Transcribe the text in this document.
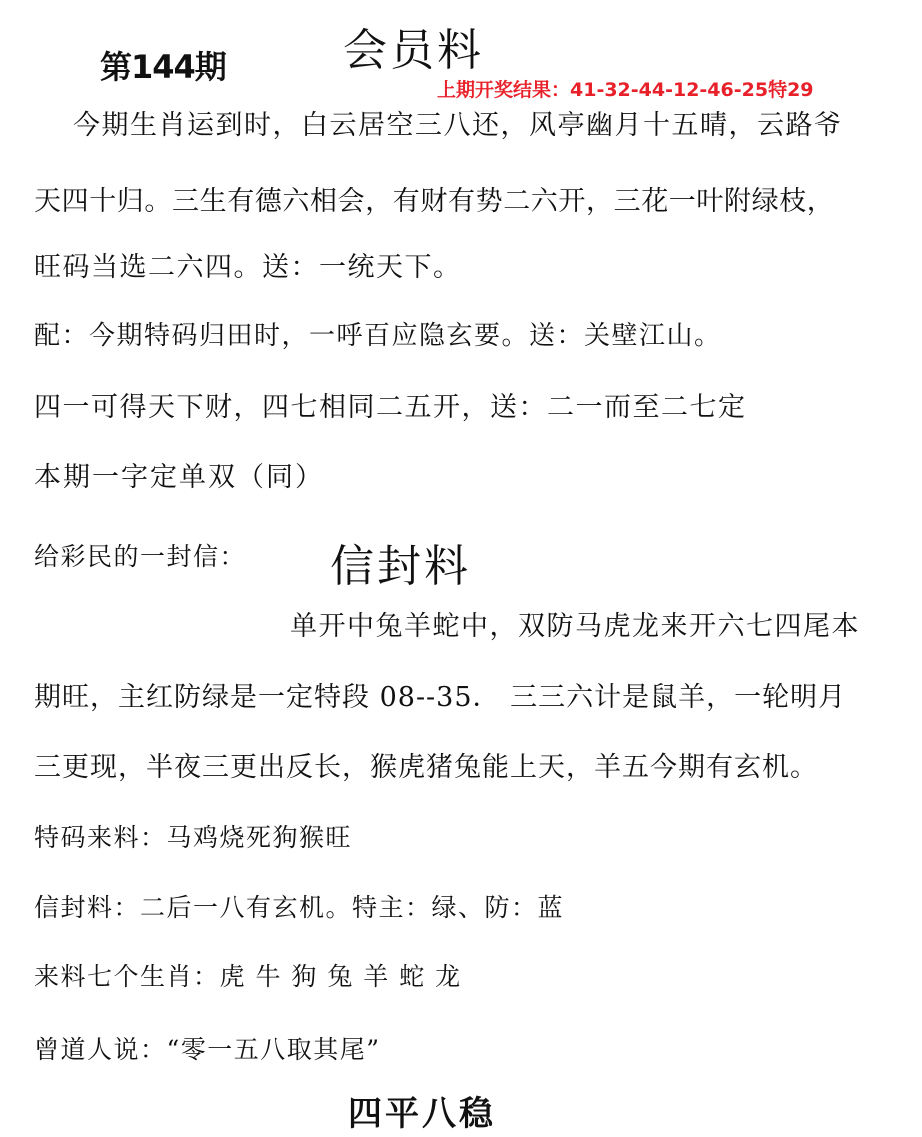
第144期	会员料
上期开奖结果：41-32-44-12-46-25特29
今期生肖运到时，白云居空三八还，风亭幽月十五晴，云路爷
天四十归。三生有德六相会，有财有势二六开，三花一叶附绿枝，
旺码当选二六四。送：一统天下。
配：今期特码归田时，一呼百应隐玄要。送：关壁江山。
四一可得天下财，四七相同二五开，送：二一而至二七定
本期一字定单双（同）
给彩民的一封信： 信封料
单开中兔羊蛇中，双防马虎龙来开六七四尾本
期旺，主红防绿是一定特段 08--35． 三三六计是鼠羊，一轮明月
三更现，半夜三更出反长，猴虎猪兔能上天，羊五今期有玄机。
特码来料：马鸡烧死狗猴旺
信封料：二后一八有玄机。特主：绿、防：蓝
来料七个生肖：虎 牛 狗 兔 羊 蛇 龙
曾道人说：“零一五八取其尾”
四平八稳
